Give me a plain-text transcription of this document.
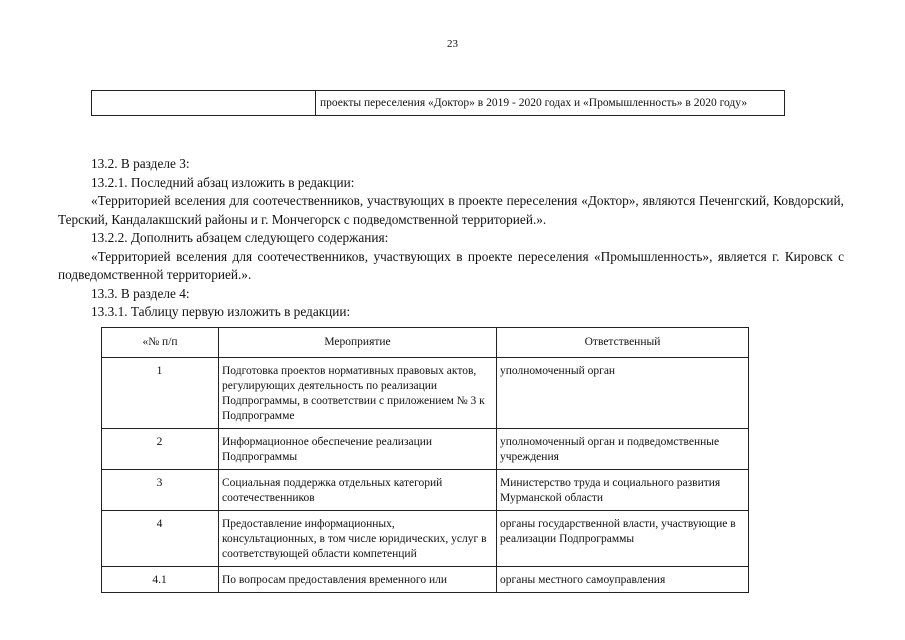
23
	проекты переселения «Доктор» в 2019 - 2020 годах и «Промышленность» в 2020 году»

13.2. В разделе 3:

13.2.1. Последний абзац изложить в редакции:

«Территорией вселения для соотечественников, участвующих в проекте переселения «Доктор», являются Печенгский, Ковдорский, Терский, Кандалакшский районы и г. Мончегорск с подведомственной территорией.».

13.2.2. Дополнить абзацем следующего содержания:

«Территорией вселения для соотечественников, участвующих в проекте переселения «Промышленность», является г. Кировск с подведомственной территорией.».

13.3. В разделе 4:

13.3.1. Таблицу первую изложить в редакции:

«№ п/п	Мероприятие	Ответственный
1	Подготовка проектов нормативных правовых актов, регулирующих деятельность по реализации Подпрограммы, в соответствии с приложением № 3 к Подпрограмме	уполномоченный орган
2	Информационное обеспечение реализации Подпрограммы	уполномоченный орган и подведомственные учреждения
3	Социальная поддержка отдельных категорий соотечественников	Министерство труда и социального развития Мурманской области
4	Предоставление информационных, консультационных, в том числе юридических, услуг в соответствующей области компетенций	органы государственной власти, участвующие в реализации Подпрограммы
4.1	По вопросам предоставления временного или	органы местного самоуправления
